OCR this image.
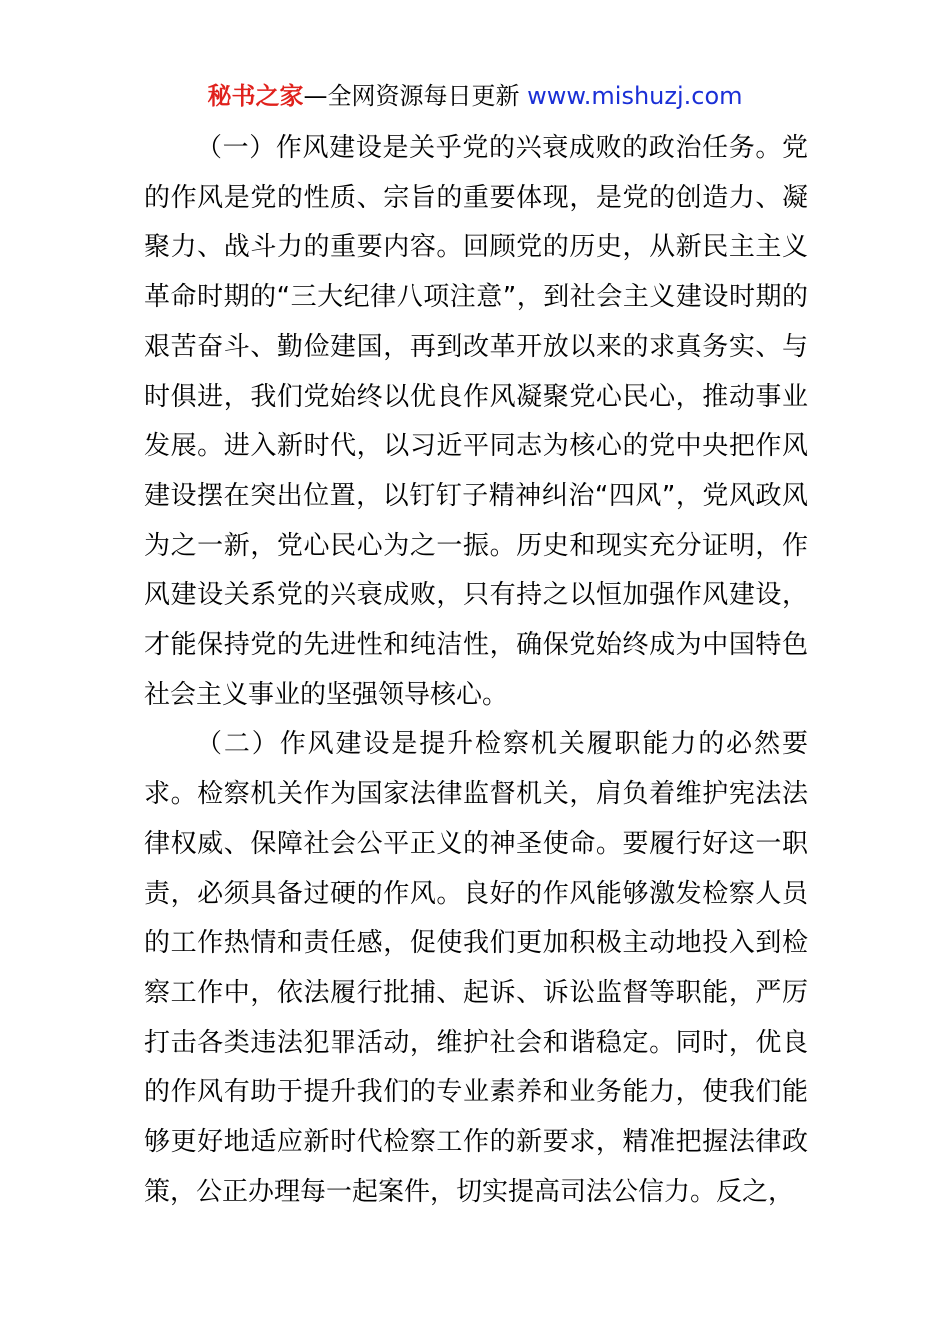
秘书之家—全网资源每日更新 www.mishuzj.com

（一）作风建设是关乎党的兴衰成败的政治任务。党的作风是党的性质、宗旨的重要体现，是党的创造力、凝聚力、战斗力的重要内容。回顾党的历史，从新民主主义革命时期的“三大纪律八项注意”，到社会主义建设时期的艰苦奋斗、勤俭建国，再到改革开放以来的求真务实、与时俱进，我们党始终以优良作风凝聚党心民心，推动事业发展。进入新时代，以习近平同志为核心的党中央把作风建设摆在突出位置，以钉钉子精神纠治“四风”，党风政风为之一新，党心民心为之一振。历史和现实充分证明，作风建设关系党的兴衰成败，只有持之以恒加强作风建设，才能保持党的先进性和纯洁性，确保党始终成为中国特色社会主义事业的坚强领导核心。

（二）作风建设是提升检察机关履职能力的必然要求。检察机关作为国家法律监督机关，肩负着维护宪法法律权威、保障社会公平正义的神圣使命。要履行好这一职责，必须具备过硬的作风。良好的作风能够激发检察人员的工作热情和责任感，促使我们更加积极主动地投入到检察工作中，依法履行批捕、起诉、诉讼监督等职能，严厉打击各类违法犯罪活动，维护社会和谐稳定。同时，优良的作风有助于提升我们的专业素养和业务能力，使我们能够更好地适应新时代检察工作的新要求，精准把握法律政策，公正办理每一起案件，切实提高司法公信力。反之，
